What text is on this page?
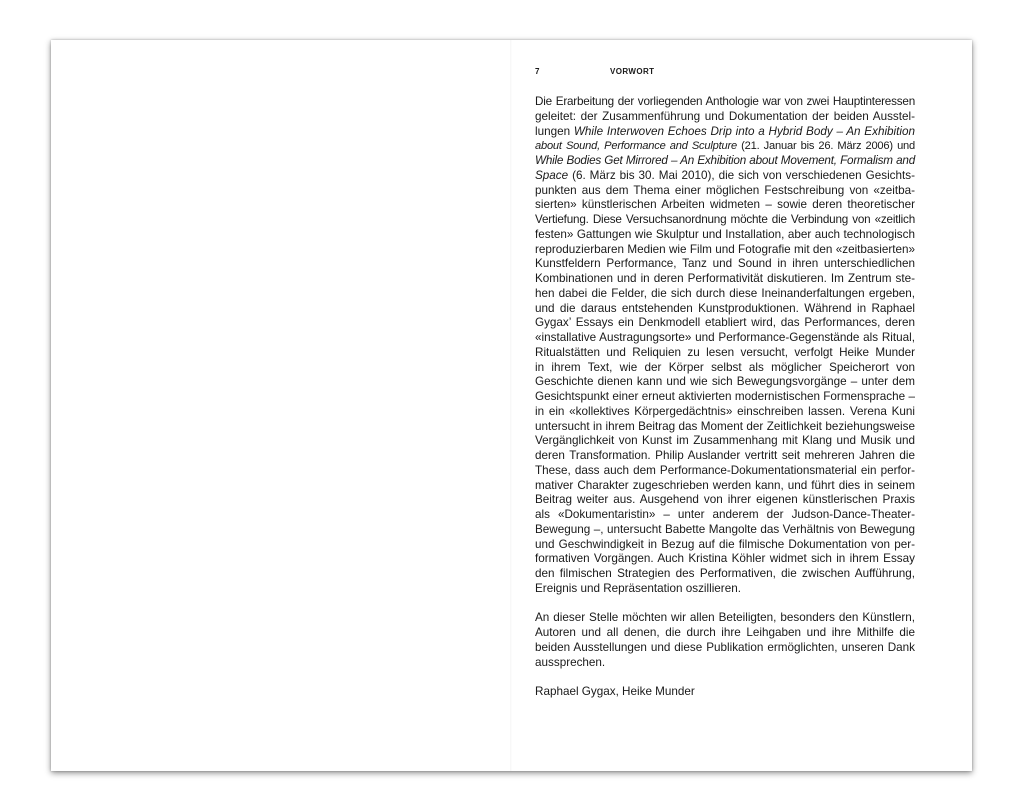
7	VORWORT

Die Erarbeitung der vorliegenden Anthologie war von zwei Hauptinteressen
geleitet: der Zusammenführung und Dokumentation der beiden Ausstel-
lungen While Interwoven Echoes Drip into a Hybrid Body – An Exhibition
about Sound, Performance and Sculpture (21. Januar bis 26. März 2006) und
While Bodies Get Mirrored – An Exhibition about Movement, Formalism and
Space (6. März bis 30. Mai 2010), die sich von verschiedenen Gesichts-
punkten aus dem Thema einer möglichen Festschreibung von «zeitba-
sierten» künstlerischen Arbeiten widmeten – sowie deren theoretischer
Vertiefung. Diese Versuchsanordnung möchte die Verbindung von «zeitlich
festen» Gattungen wie Skulptur und Installation, aber auch technologisch
reproduzierbaren Medien wie Film und Fotografie mit den «zeitbasierten»
Kunstfeldern Performance, Tanz und Sound in ihren unterschiedlichen
Kombinationen und in deren Performativität diskutieren. Im Zentrum ste-
hen dabei die Felder, die sich durch diese Ineinanderfaltungen ergeben,
und die daraus entstehenden Kunstproduktionen. Während in Raphael
Gygax’ Essays ein Denkmodell etabliert wird, das Performances, deren
«installative Austragungsorte» und Performance-Gegenstände als Ritual,
Ritualstätten und Reliquien zu lesen versucht, verfolgt Heike Munder
in ihrem Text, wie der Körper selbst als möglicher Speicherort von
Geschichte dienen kann und wie sich Bewegungsvorgänge – unter dem
Gesichtspunkt einer erneut aktivierten modernistischen Formensprache –
in ein «kollektives Körpergedächtnis» einschreiben lassen. Verena Kuni
untersucht in ihrem Beitrag das Moment der Zeitlichkeit beziehungsweise
Vergänglichkeit von Kunst im Zusammenhang mit Klang und Musik und
deren Transformation. Philip Auslander vertritt seit mehreren Jahren die
These, dass auch dem Performance-Dokumentationsmaterial ein perfor-
mativer Charakter zugeschrieben werden kann, und führt dies in seinem
Beitrag weiter aus. Ausgehend von ihrer eigenen künstlerischen Praxis
als «Dokumentaristin» – unter anderem der Judson-Dance-Theater-
Bewegung –, untersucht Babette Mangolte das Verhältnis von Bewegung
und Geschwindigkeit in Bezug auf die filmische Dokumentation von per-
formativen Vorgängen. Auch Kristina Köhler widmet sich in ihrem Essay
den filmischen Strategien des Performativen, die zwischen Aufführung,
Ereignis und Repräsentation oszillieren.

An dieser Stelle möchten wir allen Beteiligten, besonders den Künstlern,
Autoren und all denen, die durch ihre Leihgaben und ihre Mithilfe die
beiden Ausstellungen und diese Publikation ermöglichten, unseren Dank
aussprechen.

Raphael Gygax, Heike Munder
